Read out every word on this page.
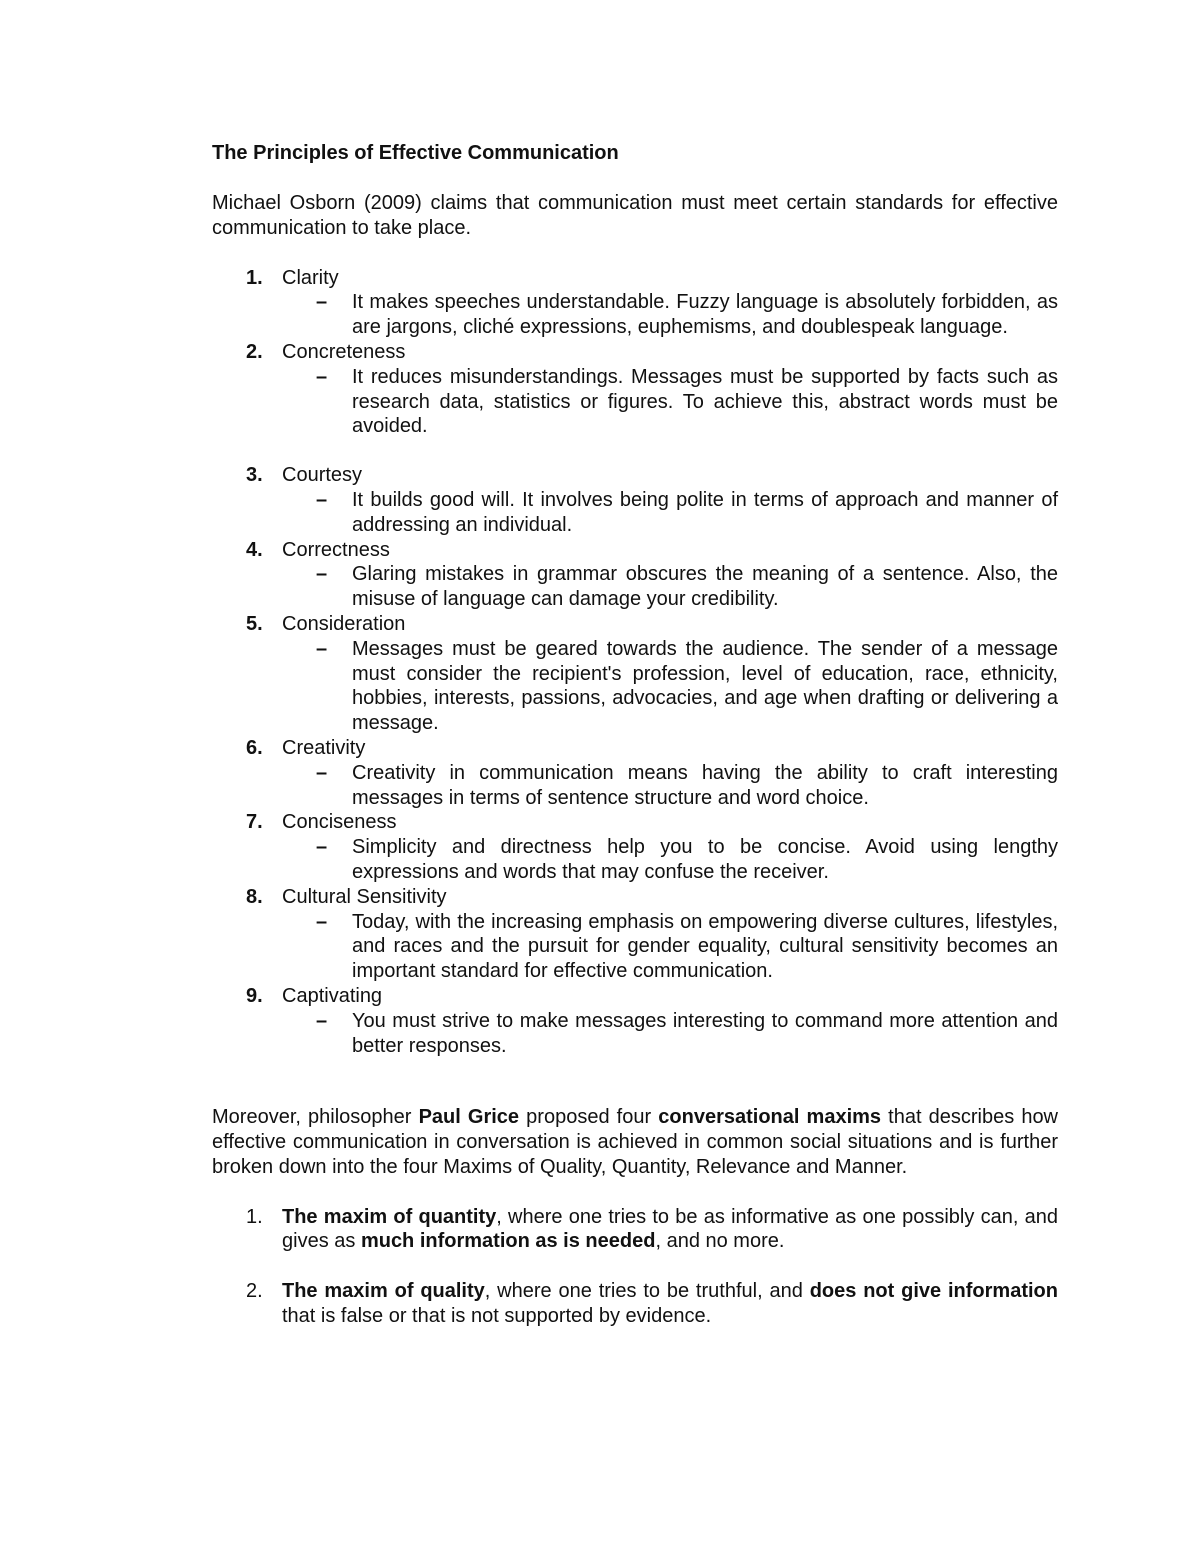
The Principles of Effective Communication

Michael Osborn (2009) claims that communication must meet certain standards for effective communication to take place.

1. Clarity
– It makes speeches understandable. Fuzzy language is absolutely forbidden, as are jargons, cliché expressions, euphemisms, and doublespeak language.
2. Concreteness
– It reduces misunderstandings. Messages must be supported by facts such as research data, statistics or figures. To achieve this, abstract words must be avoided.
3. Courtesy
– It builds good will. It involves being polite in terms of approach and manner of addressing an individual.
4. Correctness
– Glaring mistakes in grammar obscures the meaning of a sentence. Also, the misuse of language can damage your credibility.
5. Consideration
– Messages must be geared towards the audience. The sender of a message must consider the recipient's profession, level of education, race, ethnicity, hobbies, interests, passions, advocacies, and age when drafting or delivering a message.
6. Creativity
– Creativity in communication means having the ability to craft interesting messages in terms of sentence structure and word choice.
7. Conciseness
– Simplicity and directness help you to be concise. Avoid using lengthy expressions and words that may confuse the receiver.
8. Cultural Sensitivity
– Today, with the increasing emphasis on empowering diverse cultures, lifestyles, and races and the pursuit for gender equality, cultural sensitivity becomes an important standard for effective communication.
9. Captivating
– You must strive to make messages interesting to command more attention and better responses.

Moreover, philosopher Paul Grice proposed four conversational maxims that describes how effective communication in conversation is achieved in common social situations and is further broken down into the four Maxims of Quality, Quantity, Relevance and Manner.

1. The maxim of quantity, where one tries to be as informative as one possibly can, and gives as much information as is needed, and no more.
2. The maxim of quality, where one tries to be truthful, and does not give information that is false or that is not supported by evidence.
